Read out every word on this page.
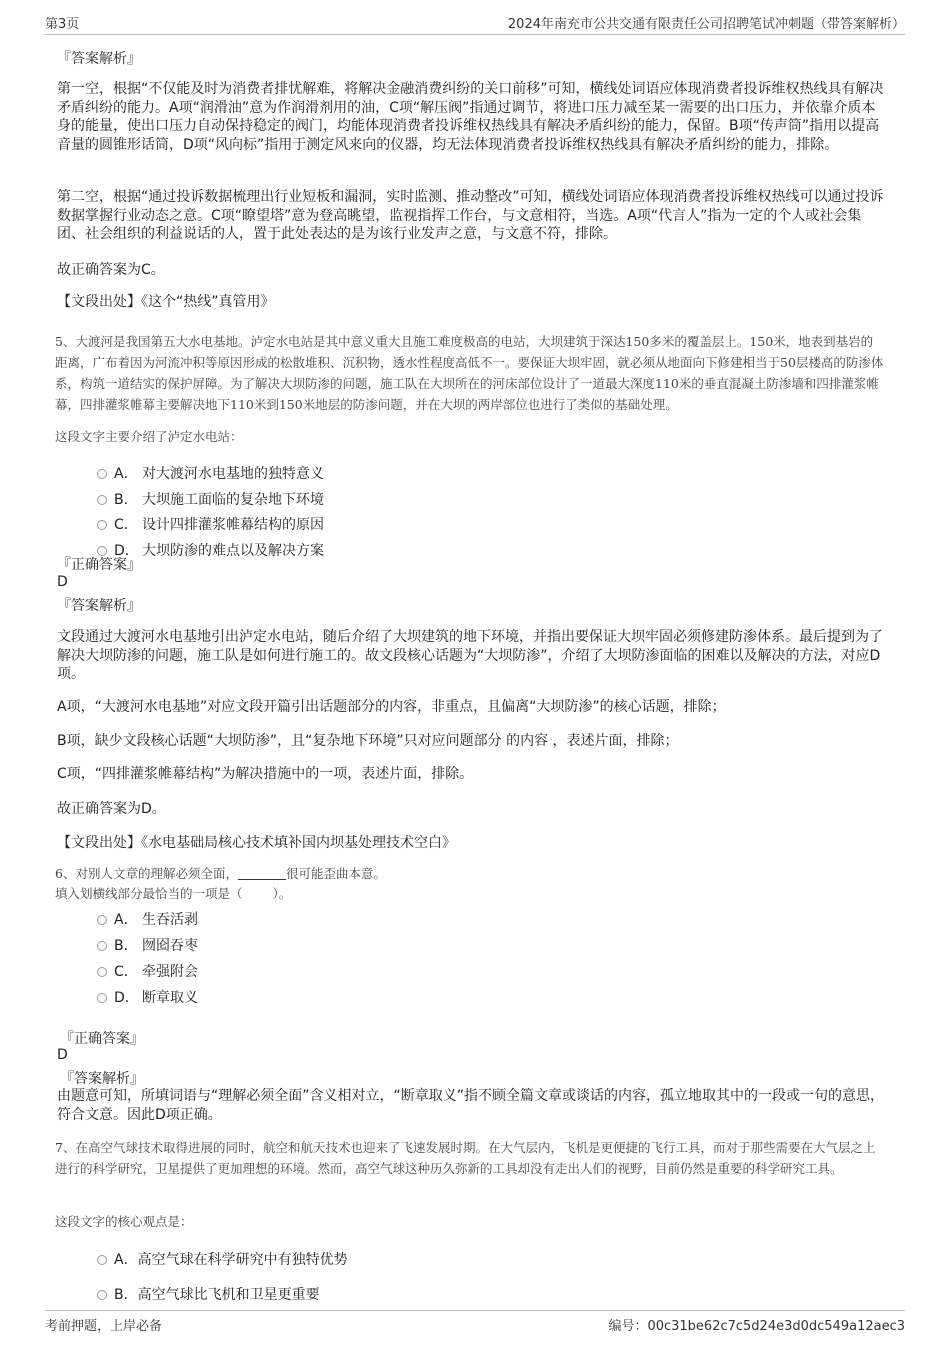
第3页	2024年南充市公共交通有限责任公司招聘笔试冲刺题（带答案解析）
『答案解析』

第一空，根据“不仅能及时为消费者排忧解难，将解决金融消费纠纷的关口前移”可知，横线处词语应体现消费者投诉维权热线具有解决矛盾纠纷的能力。A项“润滑油”意为作润滑剂用的油，C项“解压阀”指通过调节，将进口压力减至某一需要的出口压力，并依靠介质本身的能量，使出口压力自动保持稳定的阀门，均能体现消费者投诉维权热线具有解决矛盾纠纷的能力，保留。B项“传声筒”指用以提高音量的圆锥形话筒，D项“风向标”指用于测定风来向的仪器，均无法体现消费者投诉维权热线具有解决矛盾纠纷的能力，排除。

第二空，根据“通过投诉数据梳理出行业短板和漏洞，实时监测、推动整改”可知，横线处词语应体现消费者投诉维权热线可以通过投诉数据掌握行业动态之意。C项“瞭望塔”意为登高眺望，监视指挥工作台，与文意相符，当选。A项“代言人”指为一定的个人或社会集团、社会组织的利益说话的人，置于此处表达的是为该行业发声之意，与文意不符，排除。

故正确答案为C。
【文段出处】《这个“热线”真管用》

5、大渡河是我国第五大水电基地。泸定水电站是其中意义重大且施工难度极高的电站，大坝建筑于深达150多米的覆盖层上。150米，地表到基岩的距离，广布着因为河流冲积等原因形成的松散堆积、沉积物，透水性程度高低不一。要保证大坝牢固，就必须从地面向下修建相当于50层楼高的防渗体系，构筑一道结实的保护屏障。为了解决大坝防渗的问题，施工队在大坝所在的河床部位设计了一道最大深度110米的垂直混凝土防渗墙和四排灌浆帷幕，四排灌浆帷幕主要解决地下110米到150米地层的防渗问题，并在大坝的两岸部位也进行了类似的基础处理。

这段文字主要介绍了泸定水电站：
A． 对大渡河水电基地的独特意义
B． 大坝施工面临的复杂地下环境
C． 设计四排灌浆帷幕结构的原因
D． 大坝防渗的难点以及解决方案
『正确答案』
D
『答案解析』

文段通过大渡河水电基地引出泸定水电站，随后介绍了大坝建筑的地下环境，并指出要保证大坝牢固必须修建防渗体系。最后提到为了解决大坝防渗的问题，施工队是如何进行施工的。故文段核心话题为“大坝防渗”，介绍了大坝防渗面临的困难以及解决的方法，对应D项。

A项，“大渡河水电基地”对应文段开篇引出话题部分的内容，非重点，且偏离“大坝防渗”的核心话题，排除；

B项，缺少文段核心话题“大坝防渗”，且“复杂地下环境”只对应问题部分 的内容 ，表述片面，排除；

C项，“四排灌浆帷幕结构”为解决措施中的一项，表述片面，排除。

故正确答案为D。
【文段出处】《水电基础局核心技术填补国内坝基处理技术空白》
6、对别人文章的理解必须全面，	很可能歪曲本意。
填入划横线部分最恰当的一项是（ ）。
A． 生吞活剥
B． 囫囵吞枣
C． 牵强附会
D． 断章取义
『正确答案』
D
『答案解析』

由题意可知，所填词语与“理解必须全面”含义相对立，“断章取义”指不顾全篇文章或谈话的内容，孤立地取其中的一段或一句的意思，符合文意。因此D项正确。

7、在高空气球技术取得进展的同时，航空和航天技术也迎来了飞速发展时期。在大气层内，飞机是更便捷的飞行工具，而对于那些需要在大气层之上进行的科学研究，卫星提供了更加理想的环境。然而，高空气球这种历久弥新的工具却没有走出人们的视野，目前仍然是重要的科学研究工具。

这段文字的核心观点是：
A．高空气球在科学研究中有独特优势
B．高空气球比飞机和卫星更重要
考前押题，上岸必备	编号：00c31be62c7c5d24e3d0dc549a12aec3
